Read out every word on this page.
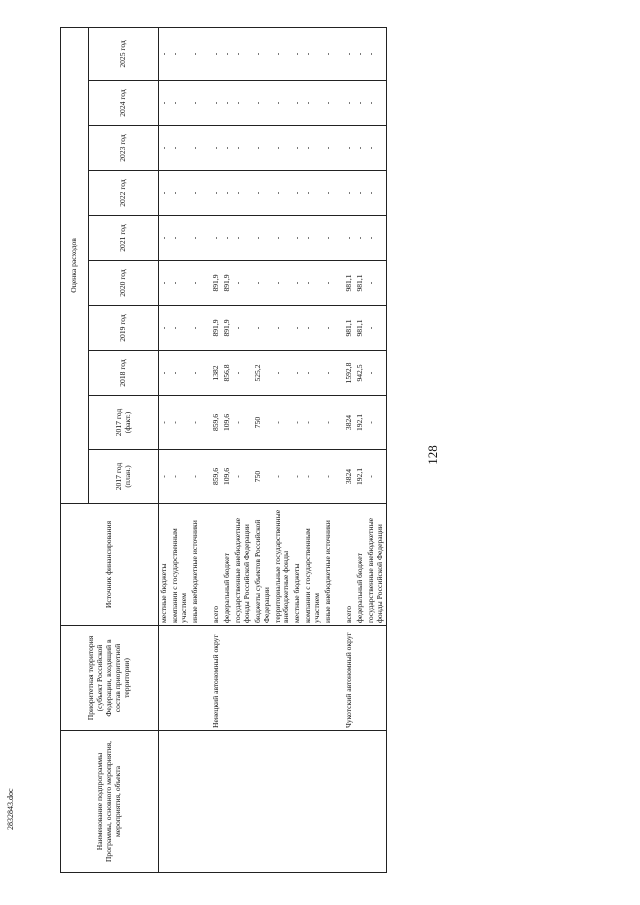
128
2832843.doc	Наименование подпрограммы Программы, основного мероприятия, мероприятия, объекта	Приоритетная территория (субъект Российской Федерации, входящий в состав приоритетной территории)	Источник финансирования	Оценка расходов									
			2017 год (план.)	2017 год (факт.)	2018 год	2019 год	2020 год	2021 год	2022 год	2023 год	2024 год	2025 год
		местные бюджеты	-	-	-	-	-	-	-	-	-	-
		компании с государственным участием	-	-	-	-	-	-	-	-	-	-
		иные внебюджетные источники	-	-	-	-	-	-	-	-	-	-

	Ненецкий автономный округ	всего	859,6	859,6	1382	891,9	891,9	-	-	-	-	-
		федеральный бюджет	109,6	109,6	856,8	891,9	891,9	-	-	-	-	-
		государственные внебюджетные фонды Российской Федерации	-	-	-	-	-	-	-	-	-	-
		бюджеты субъектов Российской Федерации	750	750	525,2	-	-	-	-	-	-	-
		территориальные государственные внебюджетные фонды	-	-	-	-	-	-	-	-	-	-
		местные бюджеты	-	-	-	-	-	-	-	-	-	-
		компании с государственным участием	-	-	-	-	-	-	-	-	-	-
		иные внебюджетные источники	-	-	-	-	-	-	-	-	-	-

	Чукотский автономный округ	всего	3824	3824	1592,8	981,1	981,1	-	-	-	-	-
		федеральный бюджет	192,1	192,1	942,5	981,1	981,1	-	-	-	-	-
		государственные внебюджетные фонды Российской Федерации	-	-	-	-	-	-	-	-	-	-
